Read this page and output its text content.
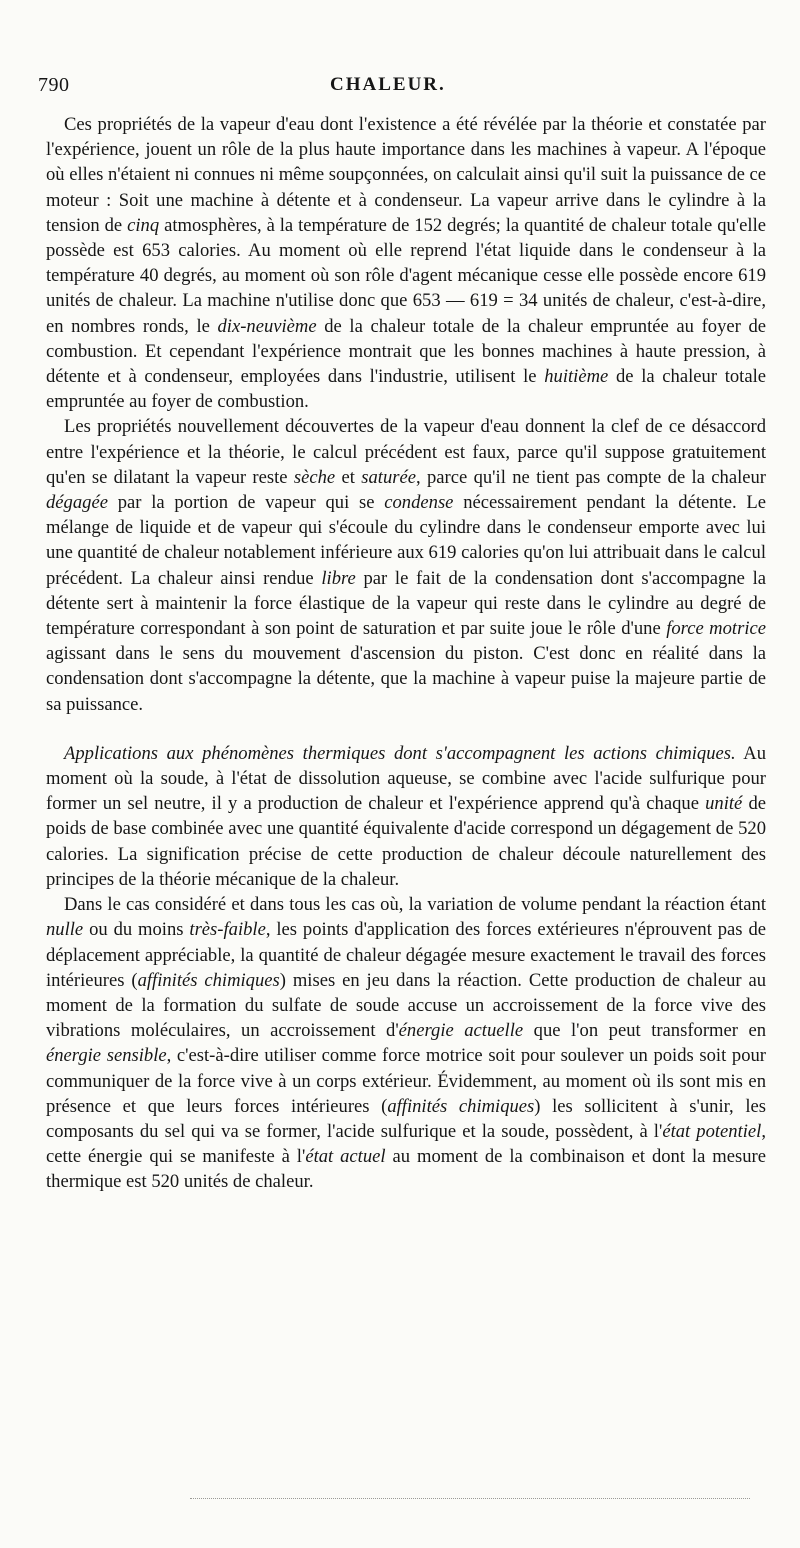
790	CHALEUR.

Ces propriétés de la vapeur d'eau dont l'existence a été révélée par la théorie et constatée par l'expérience, jouent un rôle de la plus haute importance dans les machines à vapeur. A l'époque où elles n'étaient ni connues ni même soupçonnées, on calculait ainsi qu'il suit la puissance de ce moteur : Soit une machine à détente et à condenseur. La vapeur arrive dans le cylindre à la tension de cinq atmosphères, à la température de 152 degrés; la quantité de chaleur totale qu'elle possède est 653 calories. Au moment où elle reprend l'état liquide dans le condenseur à la température 40 degrés, au moment où son rôle d'agent mécanique cesse elle possède encore 619 unités de chaleur. La machine n'utilise donc que 653 — 619 = 34 unités de chaleur, c'est-à-dire, en nombres ronds, le dix-neuvième de la chaleur totale de la chaleur empruntée au foyer de combustion. Et cependant l'expérience montrait que les bonnes machines à haute pression, à détente et à condenseur, employées dans l'industrie, utilisent le huitième de la chaleur totale empruntée au foyer de combustion.

Les propriétés nouvellement découvertes de la vapeur d'eau donnent la clef de ce désaccord entre l'expérience et la théorie, le calcul précédent est faux, parce qu'il suppose gratuitement qu'en se dilatant la vapeur reste sèche et saturée, parce qu'il ne tient pas compte de la chaleur dégagée par la portion de vapeur qui se condense nécessairement pendant la détente. Le mélange de liquide et de vapeur qui s'écoule du cylindre dans le condenseur emporte avec lui une quantité de chaleur notablement inférieure aux 619 calories qu'on lui attribuait dans le calcul précédent. La chaleur ainsi rendue libre par le fait de la condensation dont s'accompagne la détente sert à maintenir la force élastique de la vapeur qui reste dans le cylindre au degré de température correspondant à son point de saturation et par suite joue le rôle d'une force motrice agissant dans le sens du mouvement d'ascension du piston. C'est donc en réalité dans la condensation dont s'accompagne la détente, que la machine à vapeur puise la majeure partie de sa puissance.

Applications aux phénomènes thermiques dont s'accompagnent les actions chimiques. Au moment où la soude, à l'état de dissolution aqueuse, se combine avec l'acide sulfurique pour former un sel neutre, il y a production de chaleur et l'expérience apprend qu'à chaque unité de poids de base combinée avec une quantité équivalente d'acide correspond un dégagement de 520 calories. La signification précise de cette production de chaleur découle naturellement des principes de la théorie mécanique de la chaleur.

Dans le cas considéré et dans tous les cas où, la variation de volume pendant la réaction étant nulle ou du moins très-faible, les points d'application des forces extérieures n'éprouvent pas de déplacement appréciable, la quantité de chaleur dégagée mesure exactement le travail des forces intérieures (affinités chimiques) mises en jeu dans la réaction. Cette production de chaleur au moment de la formation du sulfate de soude accuse un accroissement de la force vive des vibrations moléculaires, un accroissement d'énergie actuelle que l'on peut transformer en énergie sensible, c'est-à-dire utiliser comme force motrice soit pour soulever un poids soit pour communiquer de la force vive à un corps extérieur. Évidemment, au moment où ils sont mis en présence et que leurs forces intérieures (affinités chimiques) les sollicitent à s'unir, les composants du sel qui va se former, l'acide sulfurique et la soude, possèdent, à l'état potentiel, cette énergie qui se manifeste à l'état actuel au moment de la combinaison et dont la mesure thermique est 520 unités de chaleur.
